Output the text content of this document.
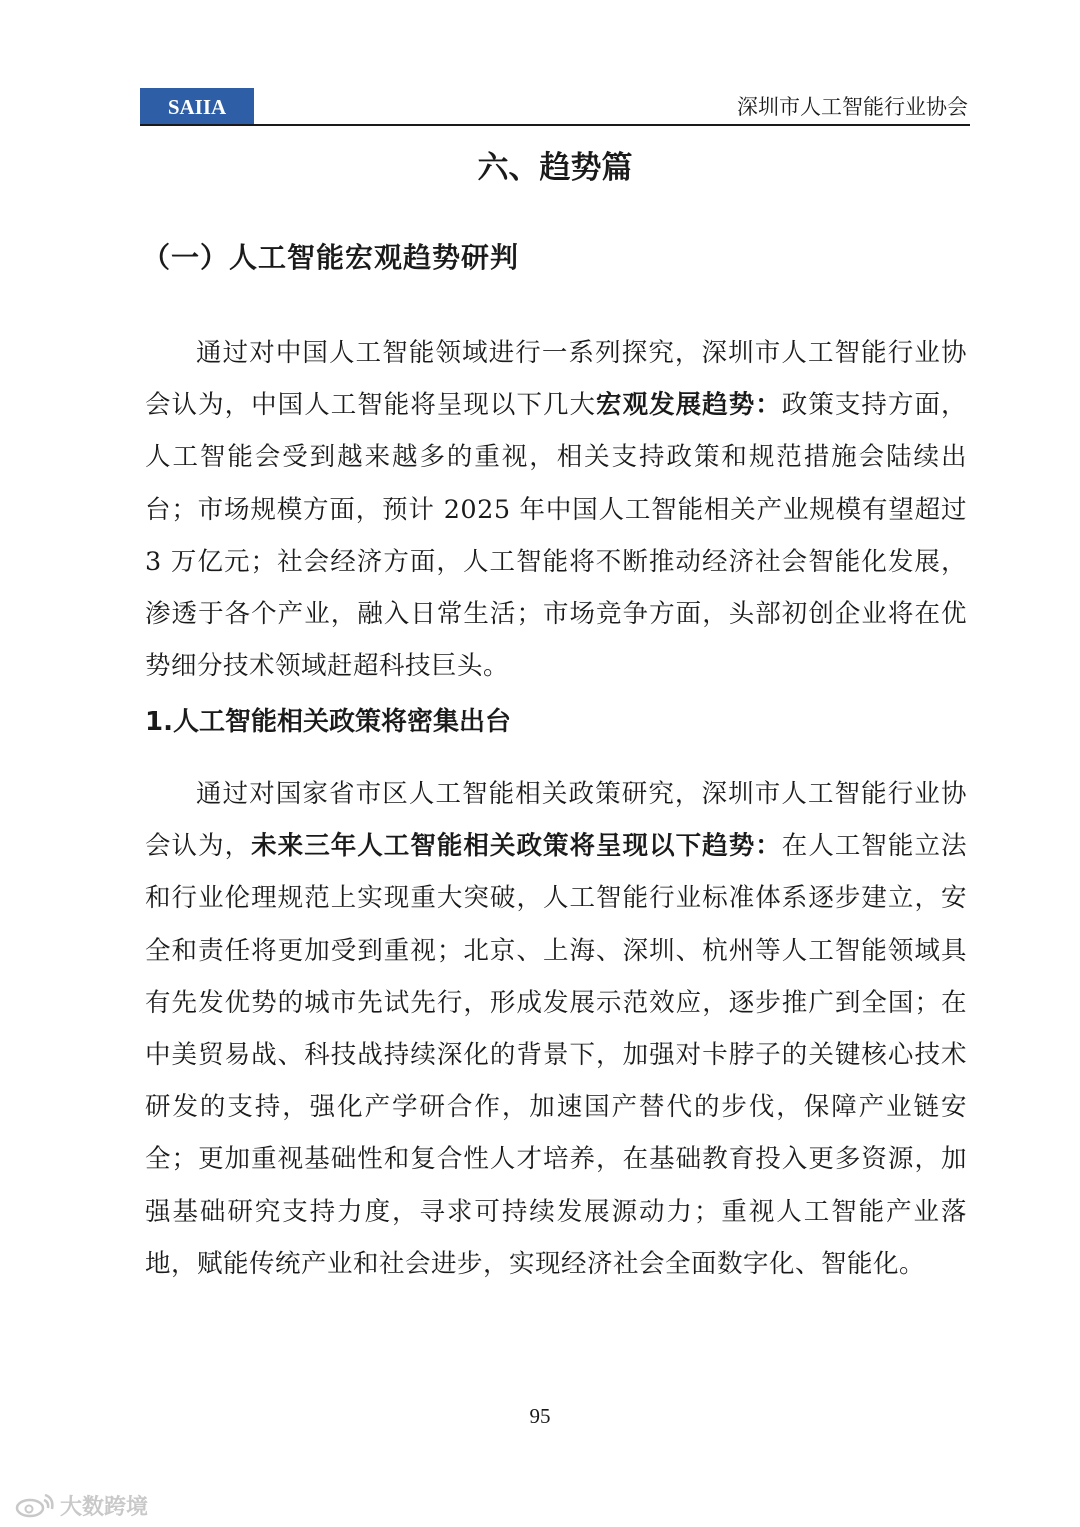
SAIIA	深圳市人工智能行业协会
六、趋势篇
（一）人工智能宏观趋势研判

通过对中国人工智能领域进行一系列探究，深圳市人工智能行业协会认为，中国人工智能将呈现以下几大宏观发展趋势：政策支持方面，人工智能会受到越来越多的重视，相关支持政策和规范措施会陆续出台；市场规模方面，预计 2025 年中国人工智能相关产业规模有望超过 3 万亿元；社会经济方面，人工智能将不断推动经济社会智能化发展，渗透于各个产业，融入日常生活；市场竞争方面，头部初创企业将在优势细分技术领域赶超科技巨头。

1.人工智能相关政策将密集出台

通过对国家省市区人工智能相关政策研究，深圳市人工智能行业协会认为，未来三年人工智能相关政策将呈现以下趋势：在人工智能立法和行业伦理规范上实现重大突破，人工智能行业标准体系逐步建立，安全和责任将更加受到重视；北京、上海、深圳、杭州等人工智能领域具有先发优势的城市先试先行，形成发展示范效应，逐步推广到全国；在中美贸易战、科技战持续深化的背景下，加强对卡脖子的关键核心技术研发的支持，强化产学研合作，加速国产替代的步伐，保障产业链安全；更加重视基础性和复合性人才培养，在基础教育投入更多资源，加强基础研究支持力度，寻求可持续发展源动力；重视人工智能产业落地，赋能传统产业和社会进步，实现经济社会全面数字化、智能化。

95
大数跨境
